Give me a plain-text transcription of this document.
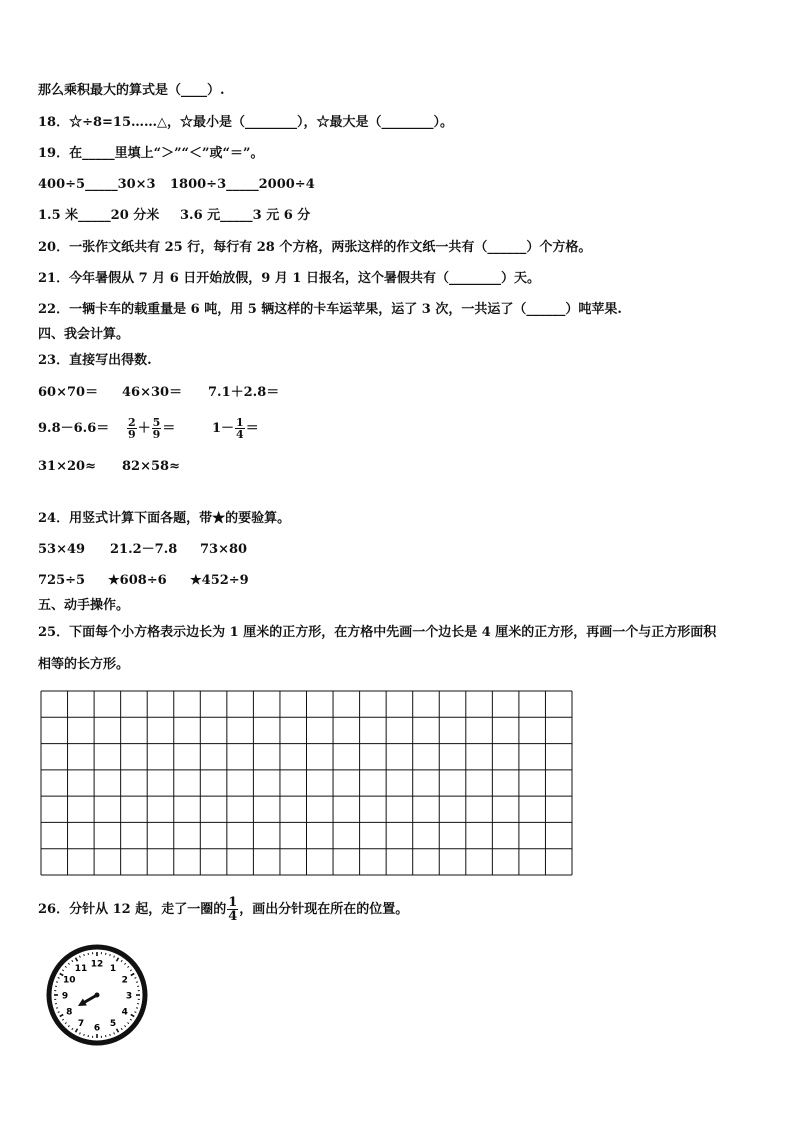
那么乘积最大的算式是（____）.
18．☆÷8=15……△，☆最小是（________），☆最大是（________）。
19．在_____里填上“＞”“＜”或“＝”。
400÷5_____30×3 1800÷3_____2000÷4
1.5 米_____20 分米 3.6 元_____3 元 6 分
20．一张作文纸共有 25 行，每行有 28 个方格，两张这样的作文纸一共有（______）个方格。
21．今年暑假从 7 月 6 日开始放假，9 月 1 日报名，这个暑假共有（________）天。
22．一辆卡车的载重量是 6 吨，用 5 辆这样的卡车运苹果，运了 3 次，一共运了（______）吨苹果.
四、我会计算。
23．直接写出得数.
60×70＝ 46×30＝ 7.1＋2.8＝
$9.8-6.6= \frac{2}{9} + \frac{5}{9}$ ＝	$1- \frac{1}{4}$ ＝
31×20≈ 82×58≈
24．用竖式计算下面各题，带★的要验算。
53×49 21.2－7.8 73×80
725÷5 ★608÷6 ★452÷9
五、动手操作。
25．下面每个小方格表示边长为 1 厘米的正方形，在方格中先画一个边长是 4 厘米的正方形，再画一个与正方形面积
相等的长方形。
26．分针从 12 起，走了一圈的 $\frac{1}{4}$ ，画出分针现在所在的位置。
12 1
2
3
4
5
6
7
8
9
10
11
